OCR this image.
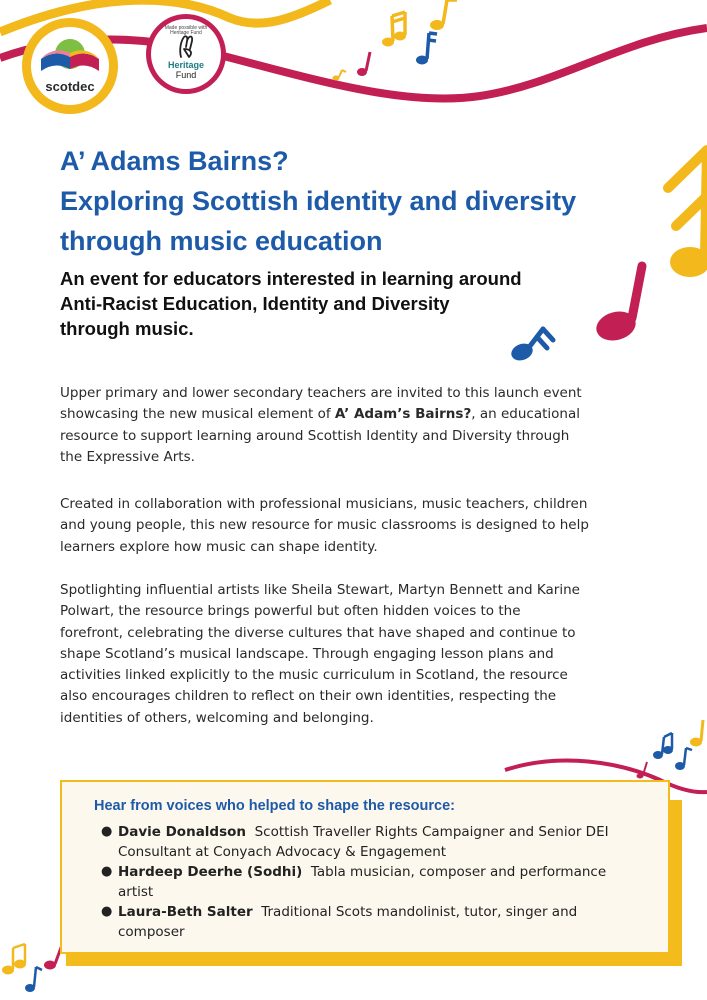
scotdec
Made possible with Heritage Fund
Heritage
Fund
A’ Adams Bairns?
Exploring Scottish identity and diversity
through music education
An event for educators interested in learning around
Anti-Racist Education, Identity and Diversity
through music.

Upper primary and lower secondary teachers are invited to this launch event
showcasing the new musical element of A’ Adam’s Bairns?, an educational
resource to support learning around Scottish Identity and Diversity through
the Expressive Arts.

Created in collaboration with professional musicians, music teachers, children
and young people, this new resource for music classrooms is designed to help
learners explore how music can shape identity.

Spotlighting influential artists like Sheila Stewart, Martyn Bennett and Karine
Polwart, the resource brings powerful but often hidden voices to the
forefront, celebrating the diverse cultures that have shaped and continue to
shape Scotland’s musical landscape. Through engaging lesson plans and
activities linked explicitly to the music curriculum in Scotland, the resource
also encourages children to reflect on their own identities, respecting the
identities of others, welcoming and belonging.

Hear from voices who helped to shape the resource:
● Davie Donaldson Scottish Traveller Rights Campaigner and Senior DEI
Consultant at Conyach Advocacy & Engagement
● Hardeep Deerhe (Sodhi) Tabla musician, composer and performance
artist
● Laura-Beth Salter Traditional Scots mandolinist, tutor, singer and
composer
